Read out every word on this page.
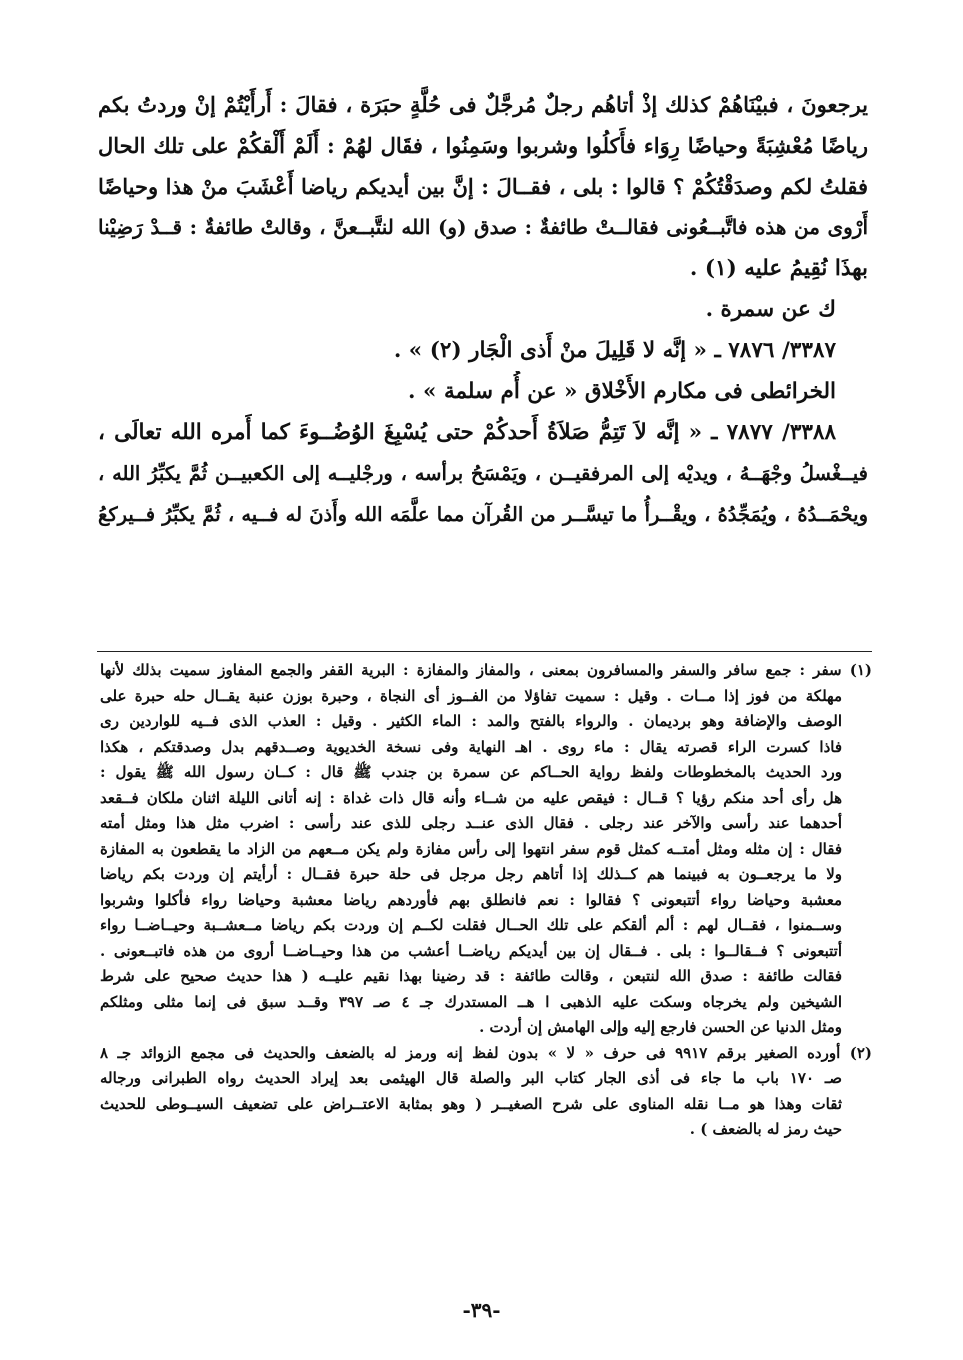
يرجعونَ ، فبيْنَاهُمْ كذلك إذْ أتاهُم رجلٌ مُرجَّلٌ فى حُلَّةٍ حبَرَة ، فقالَ : أَرأَيْتُمْ إنْ وردتُ بكم
رياضًا مُعْشِبَةً وحياضًا رِوَاء فأَكلُوا وشربوا وسَمِنُوا ، فقَال لهُمْ : أَلَمْ أَلْقكُمْ على تلك الحال
فقلتُ لكم وصدَقْتُكُمْ ؟ قالوا : بلى ، فقــالَ : إنَّ بين أيديكم رياضا أَعْشَبَ منْ هذا وحياضًا
أَرْوى من هذه فاتَّبــعُونى فقالــتْ طائفةٌ : صدق (و) الله لنتَّبــعنَّ ، وقالتْ طائفةٌ : قــدْ رَضِيْنا
بهذَا نُقِيمُ عليه (١) .
ك عن سمرة .
٣٣٨٧/ ٧٨٧٦ ـ « إنَّه لا قَلِيلَ منْ أَذى الْجَار (٢) » .
الخرائطى فى مكارم الأَخْلاق « عن أُم سلمة » .
٣٣٨٨/ ٧٨٧٧ ـ « إنَّه لاَ تَتِمُّ صَلاَةُ أَحدكُمْ حتى يُسْبِغَ الوُضُــوءَ كما أَمره الله تعالَى ،
فيــغْسلُ وجْهَــهُ ، ويديْه إلى المرفقيــن ، ويَمْسَحُ برأسه ، ورجْليــه إلى الكعبيــن ثُمَّ يكبِّرُ الله ،
ويحْمَــدُهُ ، ويُمَجِّدُهُ ، ويقْــرأُ ما تيسَّــر من القُرآن مما علَّمَه الله وأَذنَ له فــيه ، ثُمَّ يكبِّرُ فــيركعُ
(١) سفر : جمع سافر والسفر والمسافرون بمعنى ، والمفاز والمفازة : البرية القفر والجمع المفاوز سميت بذلك لأنها
مهلكة من فوز إذا مــات . وقيل : سميت تفاؤلا من الفــوز أى النجاة ، وحبرة بوزن عنبة يقــال حله حبرة على
الوصف والإضافة وهو برديمان . والرواء بالفتح والمد : الماء الكثير . وقيل : العذب الذى فــيه للواردين رى
فاذا كسرت الراء قصرته يقال : ماء روى . اهـ النهاية وفى نسخة الخديوية وصــدقهم بدل وصدقتكم ، هكذا
ورد الحديث بالمخطوطات ولفظ رواية الحــاكم عن سمرة بن جندب ﷺ قال : كــان رسول الله ﷺ يقول :
هل رأى أحد منكم رؤيا ؟ قــال : فيقص عليه من شــاء وأنه قال ذات غداة : إنه أتانى الليلة اثنان ملكان فــقعد
أحدهما عند رأسى والآخر عند رجلى . فقال الذى عنــد رجلى للذى عند رأسى : اضرب مثل هذا ومثل أمته
فقال : إن مثله ومثل أمتــه كمثل قوم سفر انتهوا إلى رأس مفازة ولم يكن مــعهم من الزاد ما يقطعون به المفازة
ولا ما يرجعــون به فبينما هم كــذلك إذا أتاهم رجل مرجل فى حلة حبرة فقــال : أرأيتم إن وردت بكم رياضا
معشبة وحياضا رواء أتتبعونى ؟ فقالوا : نعم فانطلق بهم فأوردهم رياضا معشبة وحياضا رواء فأكلوا وشربوا
وســمنوا ، فقــال لهم : ألم ألقكم على تلك الحــال فقلت لكــم إن وردت بكم رياضا مــعشــبة وحيــاضــا رواء
أتتبعونى ؟ فــقالــوا : بلى . فــقال إن بين أيديكم رياضــا أعشب من هذا وحيــاضــا أروى من هذه فاتبــعونى .
فقالت طائفة : صدق الله لنتبعن ، وقالت طائفة : قد رضينا بهذا نقيم عليــه ( هذا حديث صحيح على شرط
الشيخين ولم يخرجاه وسكت عليه الذهبى ا هــ المستدرك جـ ٤ صـ ٣٩٧ وقــد سبق فى إنما مثلى ومثلكم
ومثل الدنيا عن الحسن فارجع إليه وإلى الهامش إن أردت .
(٢) أورده الصغير برقم ٩٩١٧ فى حرف « لا » بدون لفظ إنه ورمز له بالضعف والحديث فى مجمع الزوائد جـ ٨
صـ ١٧٠ باب ما جاء فى أذى الجار كتاب البر والصلة قال الهيثمى بعد إيراد الحديث رواه الطبرانى ورجاله
ثقات وهذا هو مــا نقله المناوى على شرح الصغيــر ( وهو بمثابة الاعتــراض على تضعيف السيــوطى للحديث
حيث رمز له بالضعف ) .
-٣٩-
